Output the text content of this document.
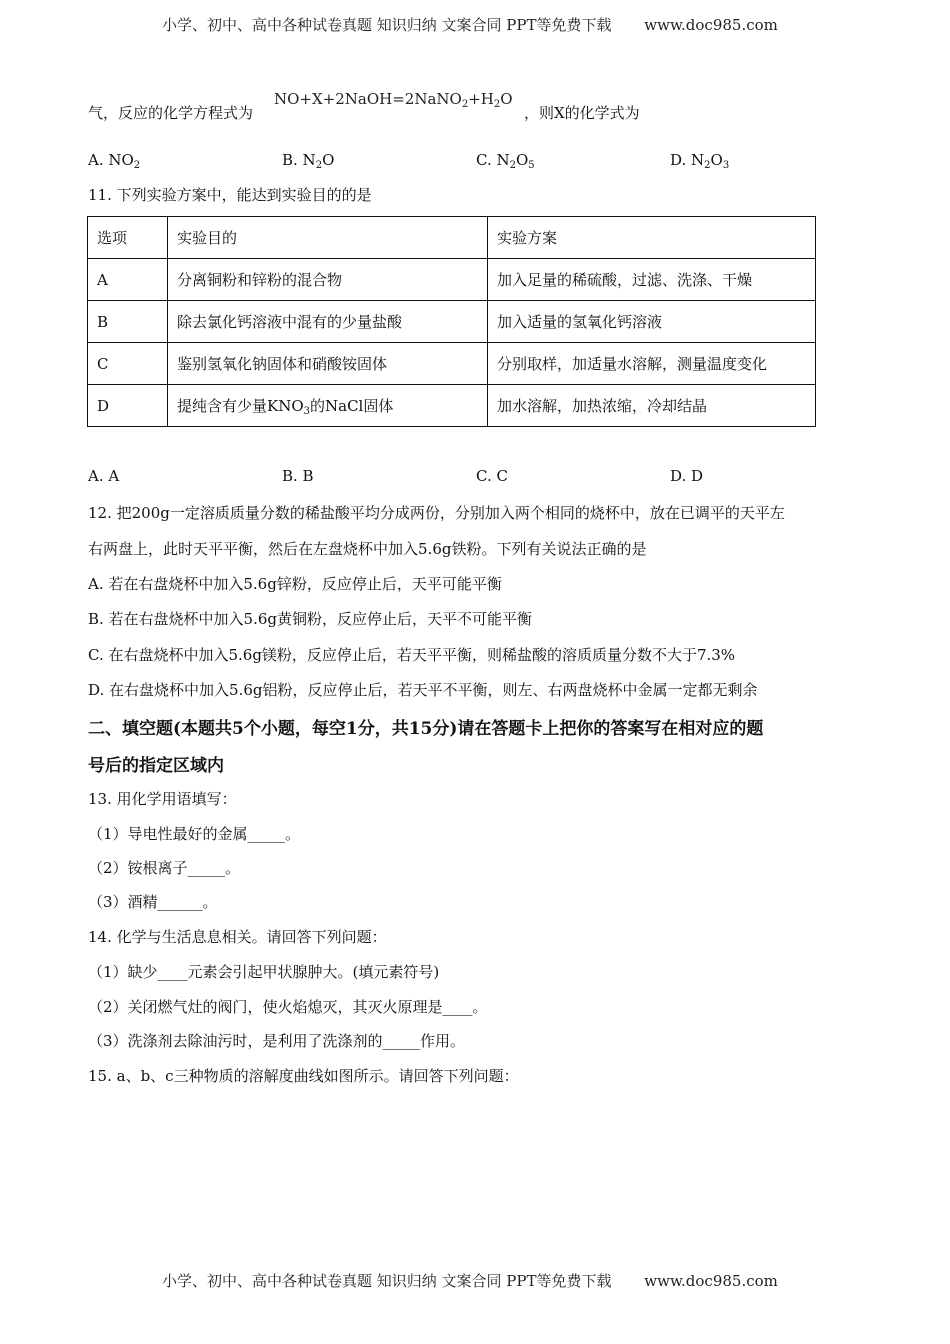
小学、初中、高中各种试卷真题 知识归纳 文案合同 PPT等免费下载 www.doc985.com
$NO+X+2NaOH=2NaNO_2+H_2O$
气，反应的化学方程式为	，则X的化学式为
A. $NO_2$	B. $N_2O$	C. $N_2O_5$	D. $N_2O_3$
11. 下列实验方案中，能达到实验目的的是
选项	实验目的	实验方案
A	分离铜粉和锌粉的混合物	加入足量的稀硫酸，过滤、洗涤、干燥
B	除去氯化钙溶液中混有的少量盐酸	加入适量的氢氧化钙溶液
C	鉴别氢氧化钠固体和硝酸铵固体	分别取样，加适量水溶解，测量温度变化
D	提纯含有少量$KNO_3$的NaCl固体	加水溶解，加热浓缩，冷却结晶
A. A	B. B	C. C	D. D
12. 把200g一定溶质质量分数的稀盐酸平均分成两份，分别加入两个相同的烧杯中，放在已调平的天平左
右两盘上，此时天平平衡，然后在左盘烧杯中加入5.6g铁粉。下列有关说法正确的是
A. 若在右盘烧杯中加入5.6g锌粉，反应停止后，天平可能平衡
B. 若在右盘烧杯中加入5.6g黄铜粉，反应停止后，天平不可能平衡
C. 在右盘烧杯中加入5.6g镁粉，反应停止后，若天平平衡，则稀盐酸的溶质质量分数不大于7.3%
D. 在右盘烧杯中加入5.6g铝粉，反应停止后，若天平不平衡，则左、右两盘烧杯中金属一定都无剩余
二、填空题(本题共5个小题，每空1分，共15分)请在答题卡上把你的答案写在相对应的题
号后的指定区域内
13. 用化学用语填写：
（1）导电性最好的金属_____。
（2）铵根离子_____。
（3）酒精______。
14. 化学与生活息息相关。请回答下列问题：
（1）缺少____元素会引起甲状腺肿大。(填元素符号)
（2）关闭燃气灶的阀门，使火焰熄灭，其灭火原理是____。
（3）洗涤剂去除油污时，是利用了洗涤剂的_____作用。
15. a、b、c三种物质的溶解度曲线如图所示。请回答下列问题：
小学、初中、高中各种试卷真题 知识归纳 文案合同 PPT等免费下载 www.doc985.com
